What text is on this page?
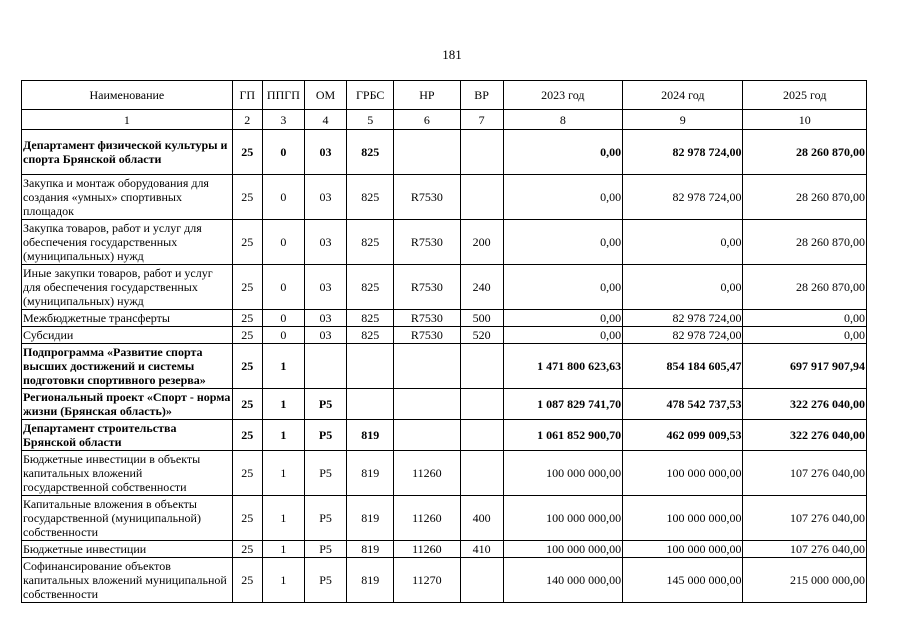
181
Наименование	ГП	ППГП	ОМ	ГРБС	НР	ВР	2023 год	2024 год	2025 год
1	2	3	4	5	6	7	8	9	10
Департамент физической культуры и спорта Брянской области	25	0	03	825			0,00	82 978 724,00	28 260 870,00
Закупка и монтаж оборудования для создания «умных» спортивных площадок	25	0	03	825	R7530		0,00	82 978 724,00	28 260 870,00
Закупка товаров, работ и услуг для обеспечения государственных (муниципальных) нужд	25	0	03	825	R7530	200	0,00	0,00	28 260 870,00
Иные закупки товаров, работ и услуг для обеспечения государственных (муниципальных) нужд	25	0	03	825	R7530	240	0,00	0,00	28 260 870,00
Межбюджетные трансферты	25	0	03	825	R7530	500	0,00	82 978 724,00	0,00
Субсидии	25	0	03	825	R7530	520	0,00	82 978 724,00	0,00
Подпрограмма «Развитие спорта высших достижений и системы подготовки спортивного резерва»	25	1					1 471 800 623,63	854 184 605,47	697 917 907,94
Региональный проект «Спорт - норма жизни (Брянская область)»	25	1	P5				1 087 829 741,70	478 542 737,53	322 276 040,00
Департамент строительства Брянской области	25	1	P5	819			1 061 852 900,70	462 099 009,53	322 276 040,00
Бюджетные инвестиции в объекты капитальных вложений государственной собственности	25	1	P5	819	11260		100 000 000,00	100 000 000,00	107 276 040,00
Капитальные вложения в объекты государственной (муниципальной) собственности	25	1	P5	819	11260	400	100 000 000,00	100 000 000,00	107 276 040,00
Бюджетные инвестиции	25	1	P5	819	11260	410	100 000 000,00	100 000 000,00	107 276 040,00
Софинансирование объектов капитальных вложений муниципальной собственности	25	1	P5	819	11270		140 000 000,00	145 000 000,00	215 000 000,00
